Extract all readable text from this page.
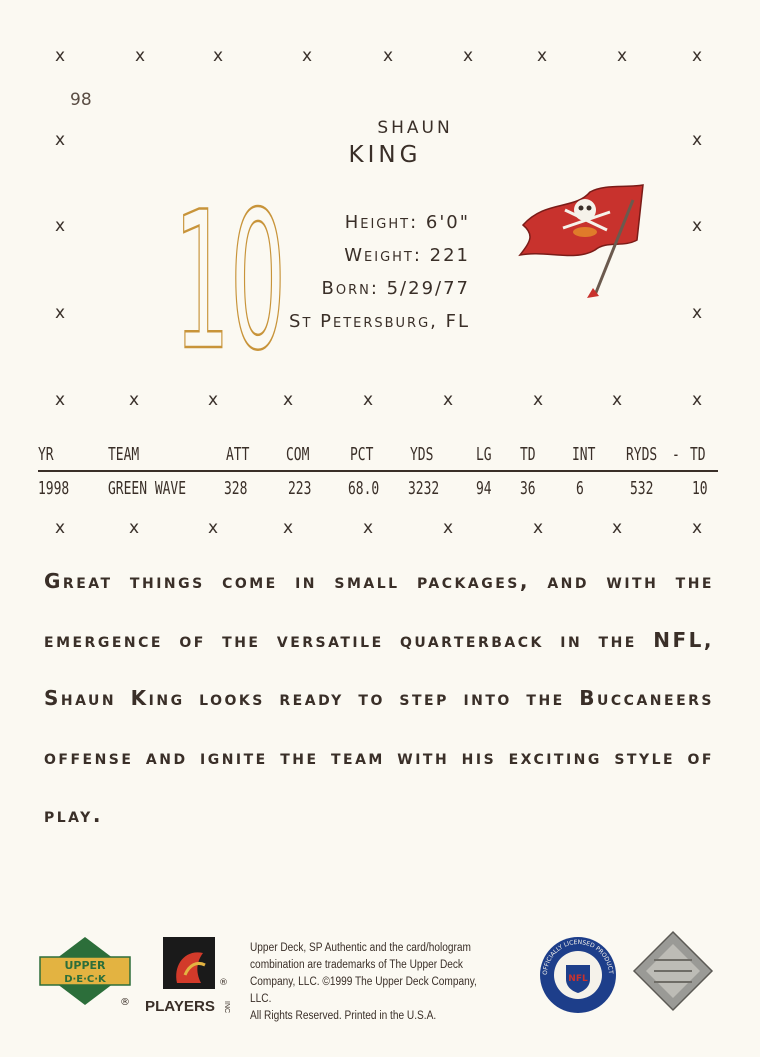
x	x	x	x	x	x	x	x	x
x	x
x	x
x	x
x	x	x	x	x	x	x	x	x
x	x	x	x	x	x	x	x	x
98
SHAUN
KING
10	Height: 6'0"
Weight: 221
Born: 5/29/77
St Petersburg, FL
YR	TEAM	ATT COM PCT YDS LG TD INT RYDS - TD
1998 GREEN WAVE 328 223 68.0 3232 94 36 6	532 10
Great things come in small packages, and with the emergence of the versatile quarterback in the NFL, Shaun King looks ready to step into the Buccaneers offense and ignite the team with his exciting style of play.
UPPER
D·E·C·K
®
®
PLAYERS INC
Upper Deck, SP Authentic and the card/hologram
combination are trademarks of The Upper Deck
Company, LLC. ©1999 The Upper Deck Company, LLC.
All Rights Reserved. Printed in the U.S.A.
NFL
OFFICIALLY LICENSED PRODUCT
